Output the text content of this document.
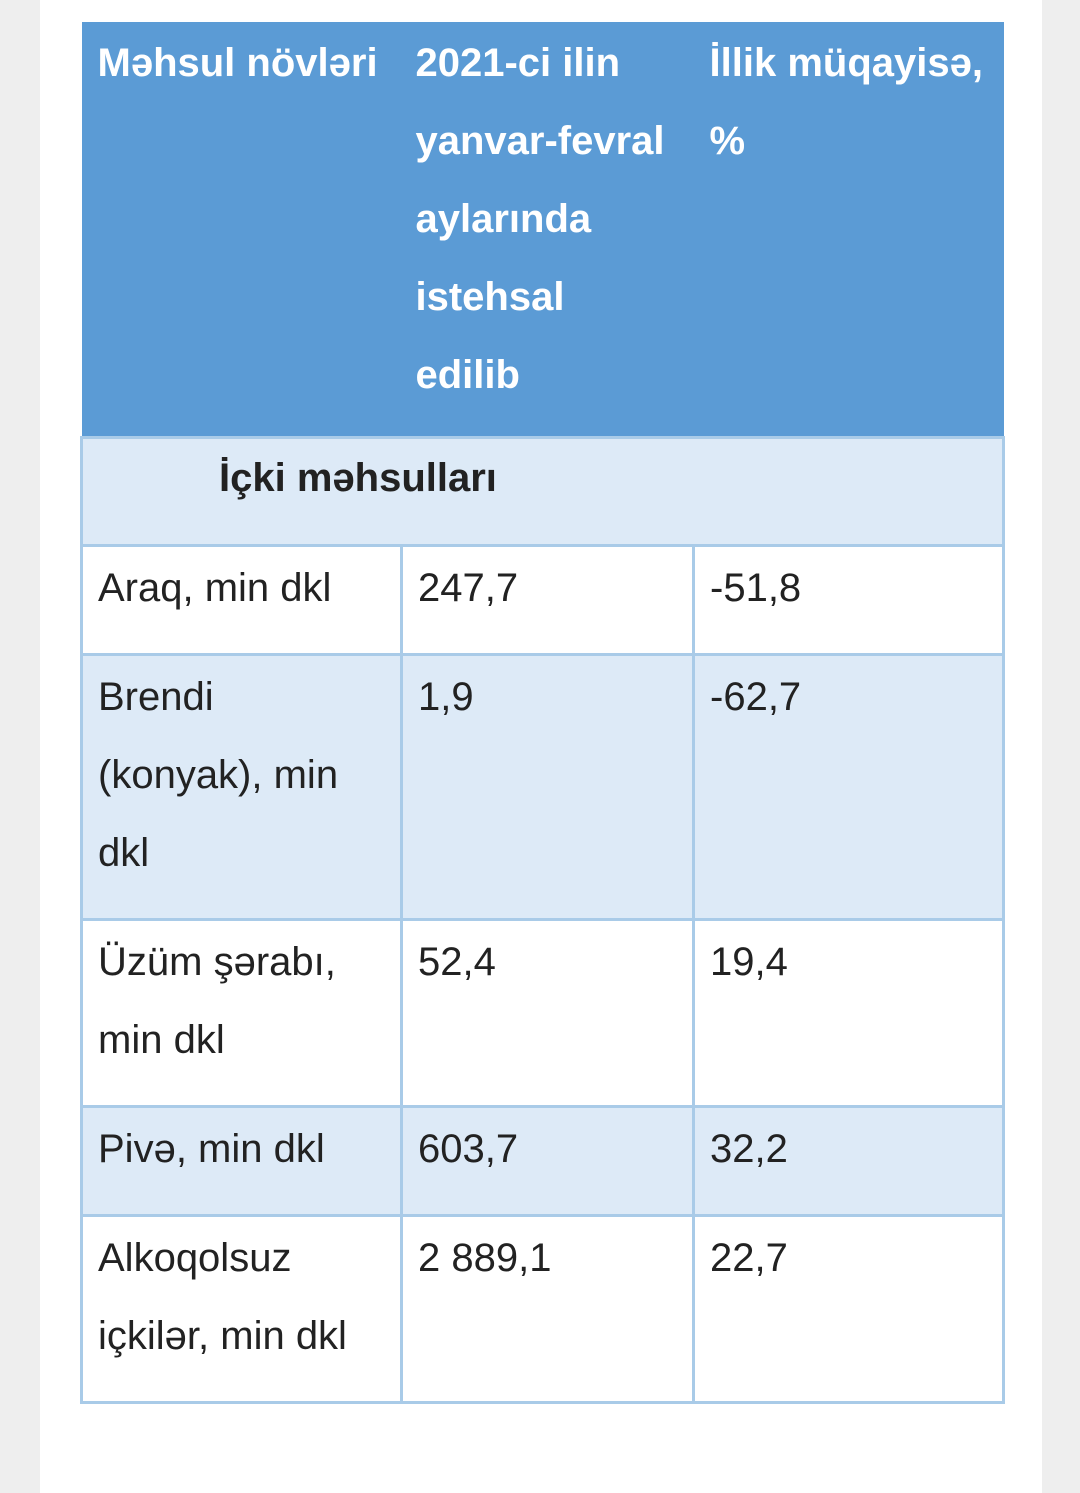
Məhsul növləri	2021-ci ilin yanvar-fevral aylarında istehsal edilib	İllik müqayisə, %
İçki məhsulları		
Araq, min dkl	247,7	-51,8
Brendi (konyak), min dkl	1,9	-62,7
Üzüm şərabı, min dkl	52,4	19,4
Pivə, min dkl	603,7	32,2
Alkoqolsuz içkilər, min dkl	2 889,1	22,7
